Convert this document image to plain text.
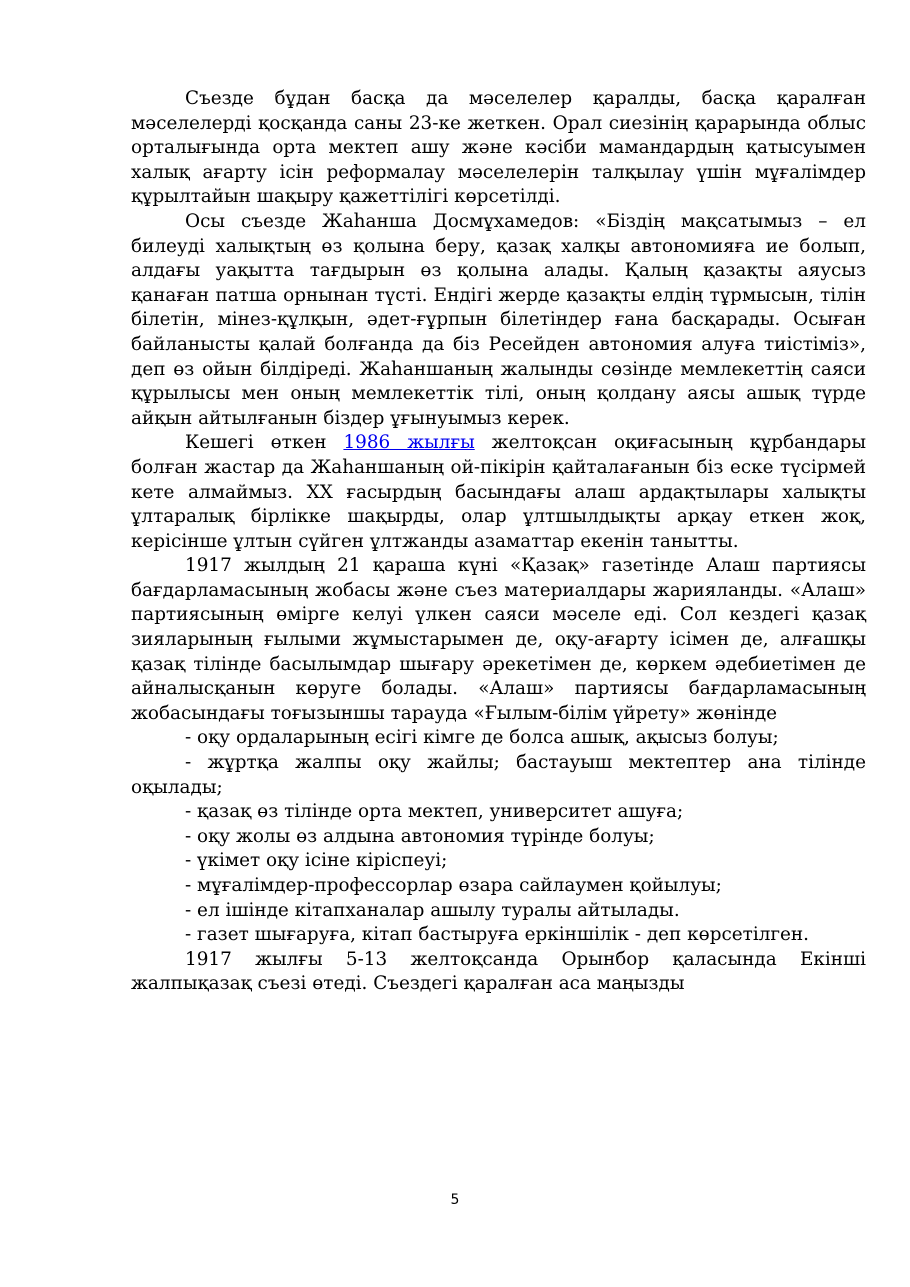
Съезде бұдан басқа да мәселелер қаралды, басқа қаралған мәселелерді қосқанда саны 23-ке жеткен. Орал сиезінің қарарында облыс орталығында орта мектеп ашу және кәсіби мамандардың қатысуымен халық ағарту ісін реформалау мәселелерін талқылау үшін мұғалімдер құрылтайын шақыру қажеттілігі көрсетілді.

Осы съезде Жаһанша Досмұхамедов: «Біздің мақсатымыз – ел билеуді халықтың өз қолына беру, қазақ халқы автономияға ие болып, алдағы уақытта тағдырын өз қолына алады. Қалың қазақты аяусыз қанаған патша орнынан түсті. Ендігі жерде қазақты елдің тұрмысын, тілін білетін, мінез-құлқын, әдет-ғұрпын білетіндер ғана басқарады. Осыған байланысты қалай болғанда да біз Ресейден автономия алуға тиістіміз», деп өз ойын білдіреді. Жаһаншаның жалынды сөзінде мемлекеттің саяси құрылысы мен оның мемлекеттік тілі, оның қолдану аясы ашық түрде айқын айтылғанын біздер ұғынуымыз керек.

Кешегі өткен 1986 жылғы желтоқсан оқиғасының құрбандары болған жастар да Жаһаншаның ой-пікірін қайталағанын біз еске түсірмей кете алмаймыз. XX ғасырдың басындағы алаш ардақтылары халықты ұлтаралық бірлікке шақырды, олар ұлтшылдықты арқау еткен жоқ, керісінше ұлтын сүйген ұлтжанды азаматтар екенін танытты.

1917 жылдың 21 қараша күні «Қазақ» газетінде Алаш партиясы бағдарламасының жобасы және съез материалдары жарияланды. «Алаш» партиясының өмірге келуі үлкен саяси мәселе еді. Сол кездегі қазақ зияларының ғылыми жұмыстарымен де, оқу-ағарту ісімен де, алғашқы қазақ тілінде басылымдар шығару әрекетімен де, көркем әдебиетімен де айналысқанын көруге болады. «Алаш» партиясы бағдарламасының жобасындағы тоғызыншы тарауда «Ғылым-білім үйрету» жөнінде

- оқу ордаларының есігі кімге де болса ашық, ақысыз болуы;

- жұртқа жалпы оқу жайлы; бастауыш мектептер ана тілінде оқылады;

- қазақ өз тілінде орта мектеп, университет ашуға;

- оқу жолы өз алдына автономия түрінде болуы;

- үкімет оқу ісіне кіріспеуі;

- мұғалімдер-профессорлар өзара сайлаумен қойылуы;

- ел ішінде кітапханалар ашылу туралы айтылады.

- газет шығаруға, кітап бастыруға еркіншілік - деп көрсетілген.

1917 жылғы 5-13 желтоқсанда Орынбор қаласында Екінші жалпықазақ съезі өтеді. Съездегі қаралған аса маңызды

5
